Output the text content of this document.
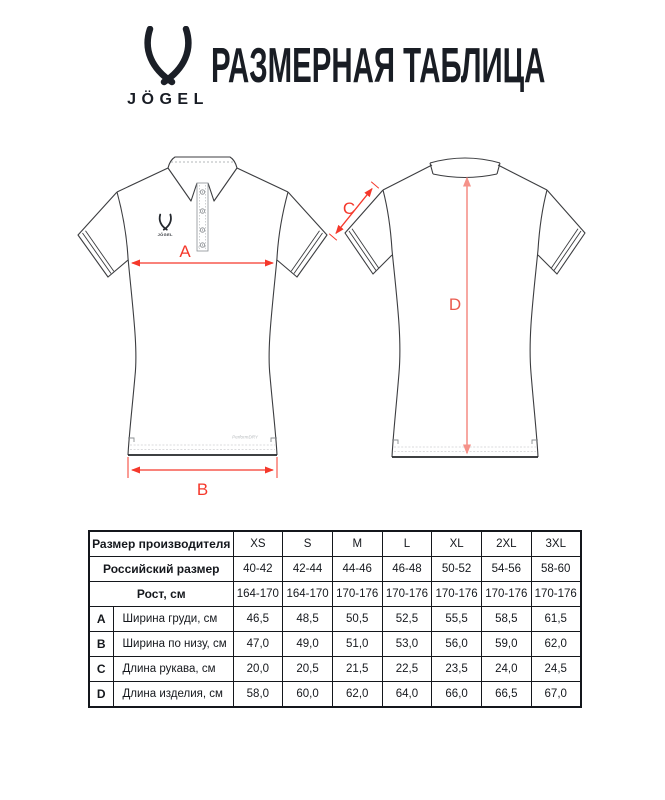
JÖGEL
РАЗМЕРНАЯ ТАБЛИЦА
JÖGEL
PerformDRY
A
B
C
D
Размер производителя		XS	S	M	L	XL	2XL	3XL
Российский размер		40-42	42-44	44-46	46-48	50-52	54-56	58-60
Рост, см		164-170	164-170	170-176	170-176	170-176	170-176	170-176
A	Ширина груди, см	46,5	48,5	50,5	52,5	55,5	58,5	61,5
B	Ширина по низу, см	47,0	49,0	51,0	53,0	56,0	59,0	62,0
C	Длина рукава, см	20,0	20,5	21,5	22,5	23,5	24,0	24,5
D	Длина изделия, см	58,0	60,0	62,0	64,0	66,0	66,5	67,0
